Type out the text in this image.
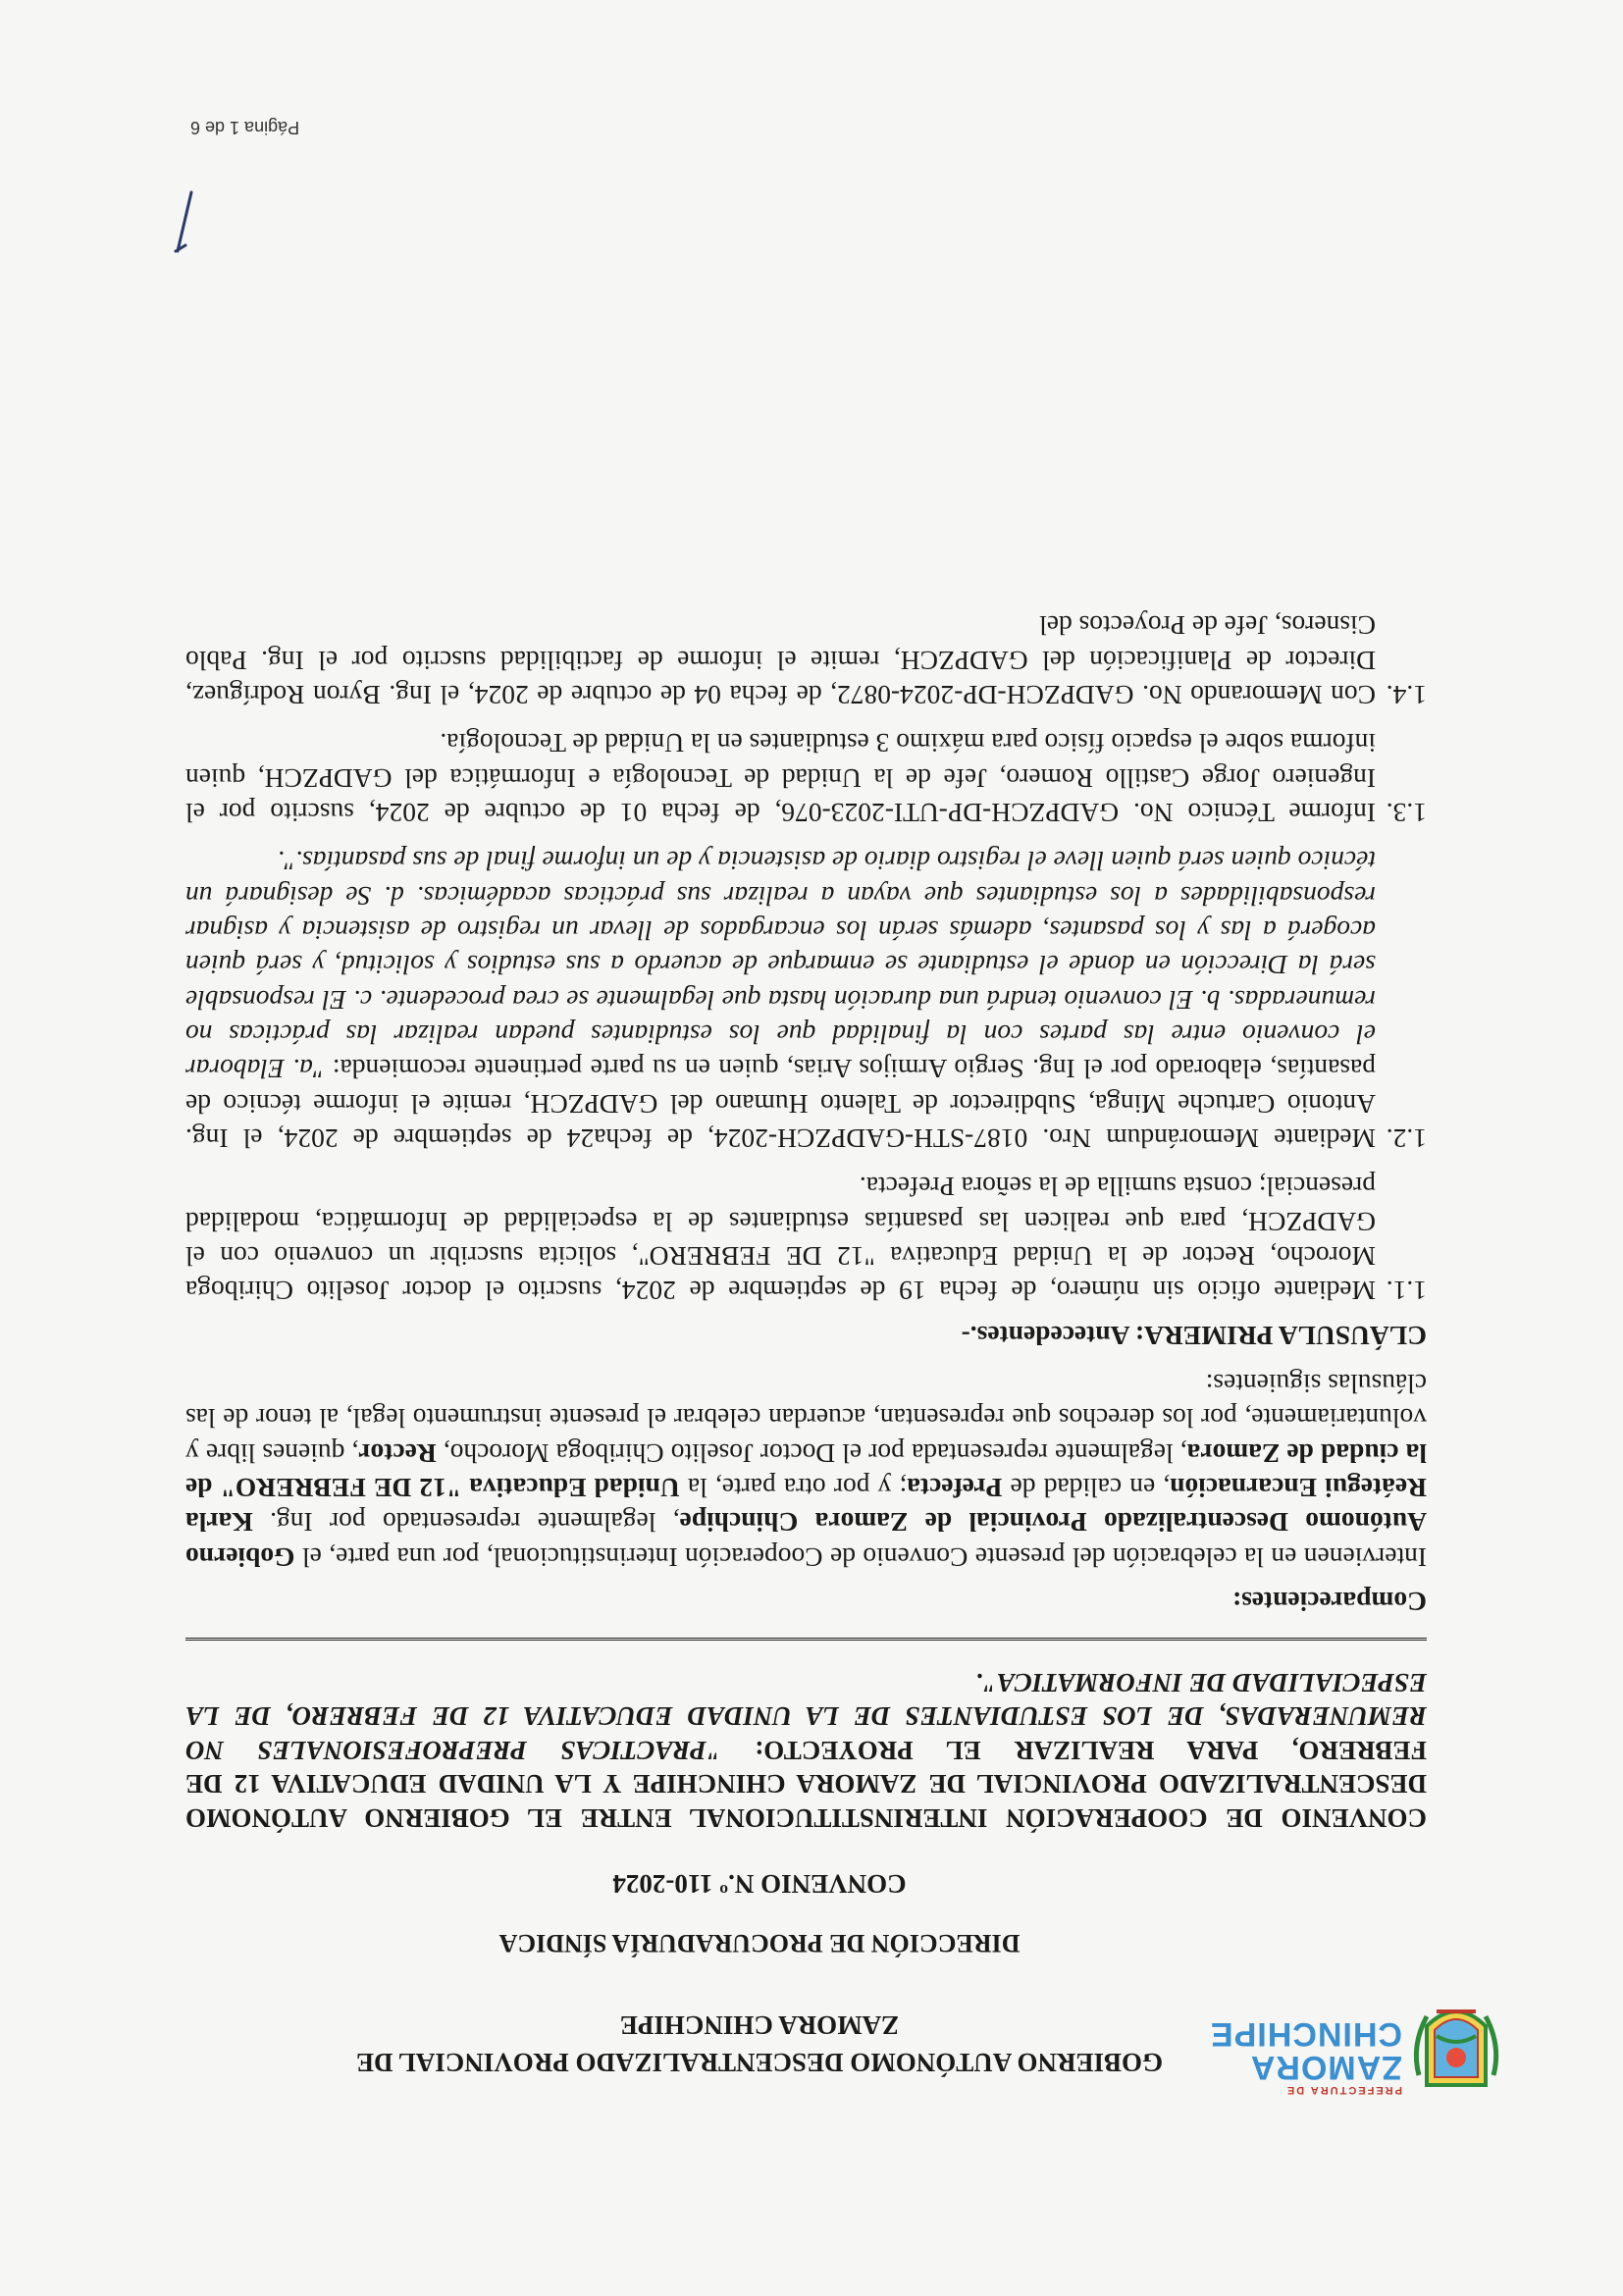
PREFECTURA DE
ZAMORA
CHINCHIPE
GOBIERNO AUTÓNOMO DESCENTRALIZADO PROVINCIAL DE
ZAMORA CHINCHIPE
DIRECCIÓN DE PROCURADURÍA SÍNDICA
CONVENIO N.º 110-2024
CONVENIO DE COOPERACIÓN INTERINSTITUCIONAL ENTRE EL GOBIERNO AUTÓNOMO DESCENTRALIZADO PROVINCIAL DE ZAMORA CHINCHIPE Y LA UNIDAD EDUCATIVA 12 DE FEBRERO, PARA REALIZAR EL PROYECTO: "PRACTICAS PREPROFESIONALES NO REMUNERADAS, DE LOS ESTUDIANTES DE LA UNIDAD EDUCATIVA 12 DE FEBRERO, DE LA ESPECIALIDAD DE INFORMATICA".

Comparecientes:

Intervienen en la celebración del presente Convenio de Cooperación Interinstitucional, por una parte, el Gobierno Autónomo Descentralizado Provincial de Zamora Chinchipe, legalmente representado por Ing. Karla Reátegui Encarnación, en calidad de Prefecta; y por otra parte, la Unidad Educativa "12 DE FEBRERO" de la ciudad de Zamora, legalmente representada por el Doctor Joselito Chiriboga Morocho, Rector, quienes libre y voluntariamente, por los derechos que representan, acuerdan celebrar el presente instrumento legal, al tenor de las cláusulas siguientes:

CLÁUSULA PRIMERA: Antecedentes.-

1.1.
Mediante oficio sin número, de fecha 19 de septiembre de 2024, suscrito el doctor Joselito Chiriboga Morocho, Rector de la Unidad Educativa "12 DE FEBRERO", solicita suscribir un convenio con el GADPZCH, para que realicen las pasantías estudiantes de la especialidad de Informática, modalidad presencial; consta sumilla de la señora Prefecta.
1.2.
Mediante Memorándum Nro. 0187-STH-GADPZCH-2024, de fecha24 de septiembre de 2024, el Ing. Antonio Cartuche Minga, Subdirector de Talento Humano del GADPZCH, remite el informe técnico de pasantías, elaborado por el Ing. Sergio Armijos Arias, quien en su parte pertinente recomienda: "a. Elaborar el convenio entre las partes con la finalidad que los estudiantes puedan realizar las prácticas no remuneradas. b. El convenio tendrá una duración hasta que legalmente se crea procedente. c. El responsable será la Dirección en donde el estudiante se enmarque de acuerdo a sus estudios y solicitud, y será quien acogerá a las y los pasantes, además serán los encargados de llevar un registro de asistencia y asignar responsabilidades a los estudiantes que vayan a realizar sus prácticas académicas. d. Se designará un técnico quien será quien lleve el registro diario de asistencia y de un informe final de sus pasantías.".
1.3.
Informe Técnico No. GADPZCH-DP-UTI-2023-076, de fecha 01 de octubre de 2024, suscrito por el Ingeniero Jorge Castillo Romero, Jefe de la Unidad de Tecnología e Informática del GADPZCH, quien informa sobre el espacio físico para máximo 3 estudiantes en la Unidad de Tecnología.
1.4.
Con Memorando No. GADPZCH-DP-2024-0872, de fecha 04 de octubre de 2024, el Ing. Byron Rodríguez, Director de Planificación del GADPZCH, remite el informe de factibilidad suscrito por el Ing. Pablo Cisneros, Jefe de Proyectos del
Página 1 de 6
